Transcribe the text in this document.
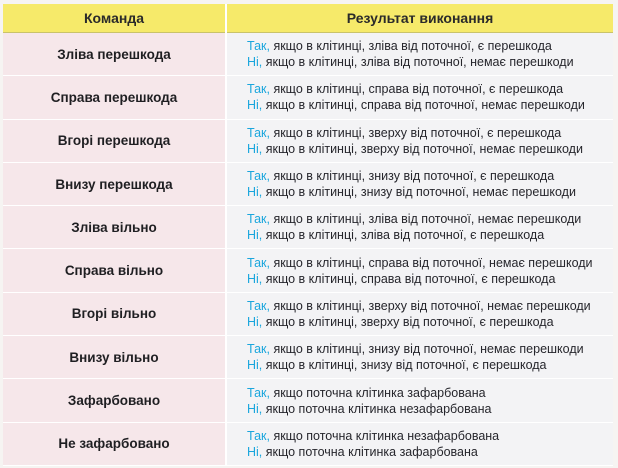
Команда	Результат виконання
Зліва перешкода	Так, якщо в клітинці, зліва від поточної, є перешкода
Ні, якщо в клітинці, зліва від поточної, немає перешкоди

Справа перешкода	Так, якщо в клітинці, справа від поточної, є перешкода
Ні, якщо в клітинці, справа від поточної, немає перешкоди

Вгорі перешкода	Так, якщо в клітинці, зверху від поточної, є перешкода
Ні, якщо в клітинці, зверху від поточної, немає перешкоди

Внизу перешкода	Так, якщо в клітинці, знизу від поточної, є перешкода
Ні, якщо в клітинці, знизу від поточної, немає перешкоди

Зліва вільно	Так, якщо в клітинці, зліва від поточної, немає перешкоди
Ні, якщо в клітинці, зліва від поточної, є перешкода

Справа вільно	Так, якщо в клітинці, справа від поточної, немає перешкоди
Ні, якщо в клітинці, справа від поточної, є перешкода

Вгорі вільно	Так, якщо в клітинці, зверху від поточної, немає перешкоди
Ні, якщо в клітинці, зверху від поточної, є перешкода

Внизу вільно	Так, якщо в клітинці, знизу від поточної, немає перешкоди
Ні, якщо в клітинці, знизу від поточної, є перешкода

Зафарбовано	Так, якщо поточна клітинка зафарбована
Ні, якщо поточна клітинка незафарбована

Не зафарбовано	Так, якщо поточна клітинка незафарбована
Ні, якщо поточна клітинка зафарбована
